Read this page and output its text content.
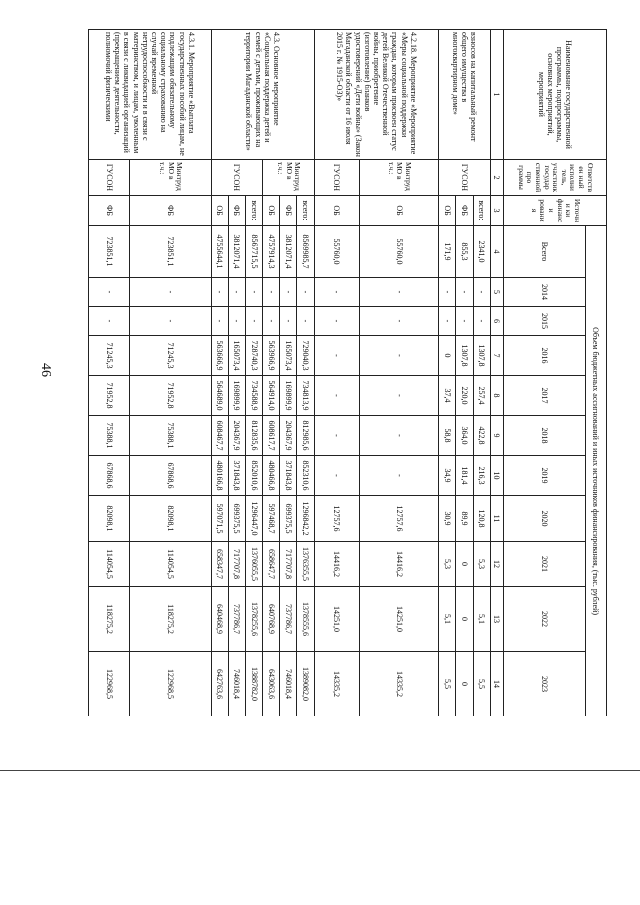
46
Наименование государственной программы, подпрограммы, основных мероприятий, мероприятий	Ответствен ный исполни тель, участник государ ственной про граммы	Источни ки финанси рования	Объем бюджетных ассигнований и иных источников финансирования, (тыс. рублей)										
			Всего	2014	2015	2016	2017	2018	2019	2020	2021	2022	2023
1	2	3	4	5	6	7	8	9	10	11	12	13	14
взносов на капитальный ремонт общего имущества в многоквартирном доме»	ГУСОН	всего:	2341,0	-	-	1307,8	257,4	422,8	216,3	120,8	5,3	5,1	5,5
		ФБ	855,3	-	-	1307,8	220,0	364,0	181,4	89,9	0	0	0
		ОБ	171,9	-	-	0	37,4	58,8	34,9	30,9	5,3	5,1	5,5
4.2.18. Мероприятие «Мероприятие «Меры социальной поддержки граждан, которым присвоен статус детей Великой Отечественной войны, приобретение (изготовление) бланков удостоверений «Дети войны» (Закон Магаданской области от 16 июля 2015 г. № 1915-ОЗ)»	Минтруд МО в т.ч.:	ОБ	55760,0	-	-	-	-	-	-	12757,6	14416,2	14251,0	14335,2
	ГУСОН	ОБ	55760,0	-	-	-	-	-	-	12757,6	14416,2	14251,0	14335,2
4.3. Основное мероприятие «Социальная поддержка детей и семей с детьми, проживающих на территории Магаданской области»	Минтруд МО в т.ч.:	всего:	8569985,7	-	-	729040,3	734813,9	812985,6	852310,6	1296842,2	1376355,5	1378555,6	1389082,0
		ФБ	3812071,4	-	-	165073,4	169899,9	204367,9	371843,8	699375,5	717707,8	737786,7	746018,4
		ОБ	4757914,3	-	-	563966,9	564914,0	608617,7	480466,8	597468,7	658647,7	640768,9	643063,6
	ГУСОН	всего:	8567715,5	-	-	728740,3	734588,9	812835,6	852010,6	1296447,0	1376055,5	1378255,6	1388782,0
		ФБ	3812071,4	-	-	165073,4	169899,9	204367,9	371843,8	699375,5	717707,8	737786,7	746018,4
		ОБ	4755644,1	-	-	563666,9	564689,0	608467,7	480166,8	597071,5	658347,7	640468,9	642763,6
4.3.1. Мероприятие «Выплата государственных пособий лицам, не подлежащим обязательному социальному страхованию на случай временной нетрудоспособности и в связи с материнством, и лицам, уволенным в связи с ликвидацией организаций (прекращением деятельности, полномочий физическими	Минтруд МО в т.ч.:	ФБ	723851,1	-	-	71245,3	71952,8	75388,1	67868,6	82098,1	114054,5	118275,2	122968,5
	ГУСОН	ФБ	723851,1	-	-	71245,3	71952,8	75388,1	67868,6	82098,1	114054,5	118275,2	122968,5
